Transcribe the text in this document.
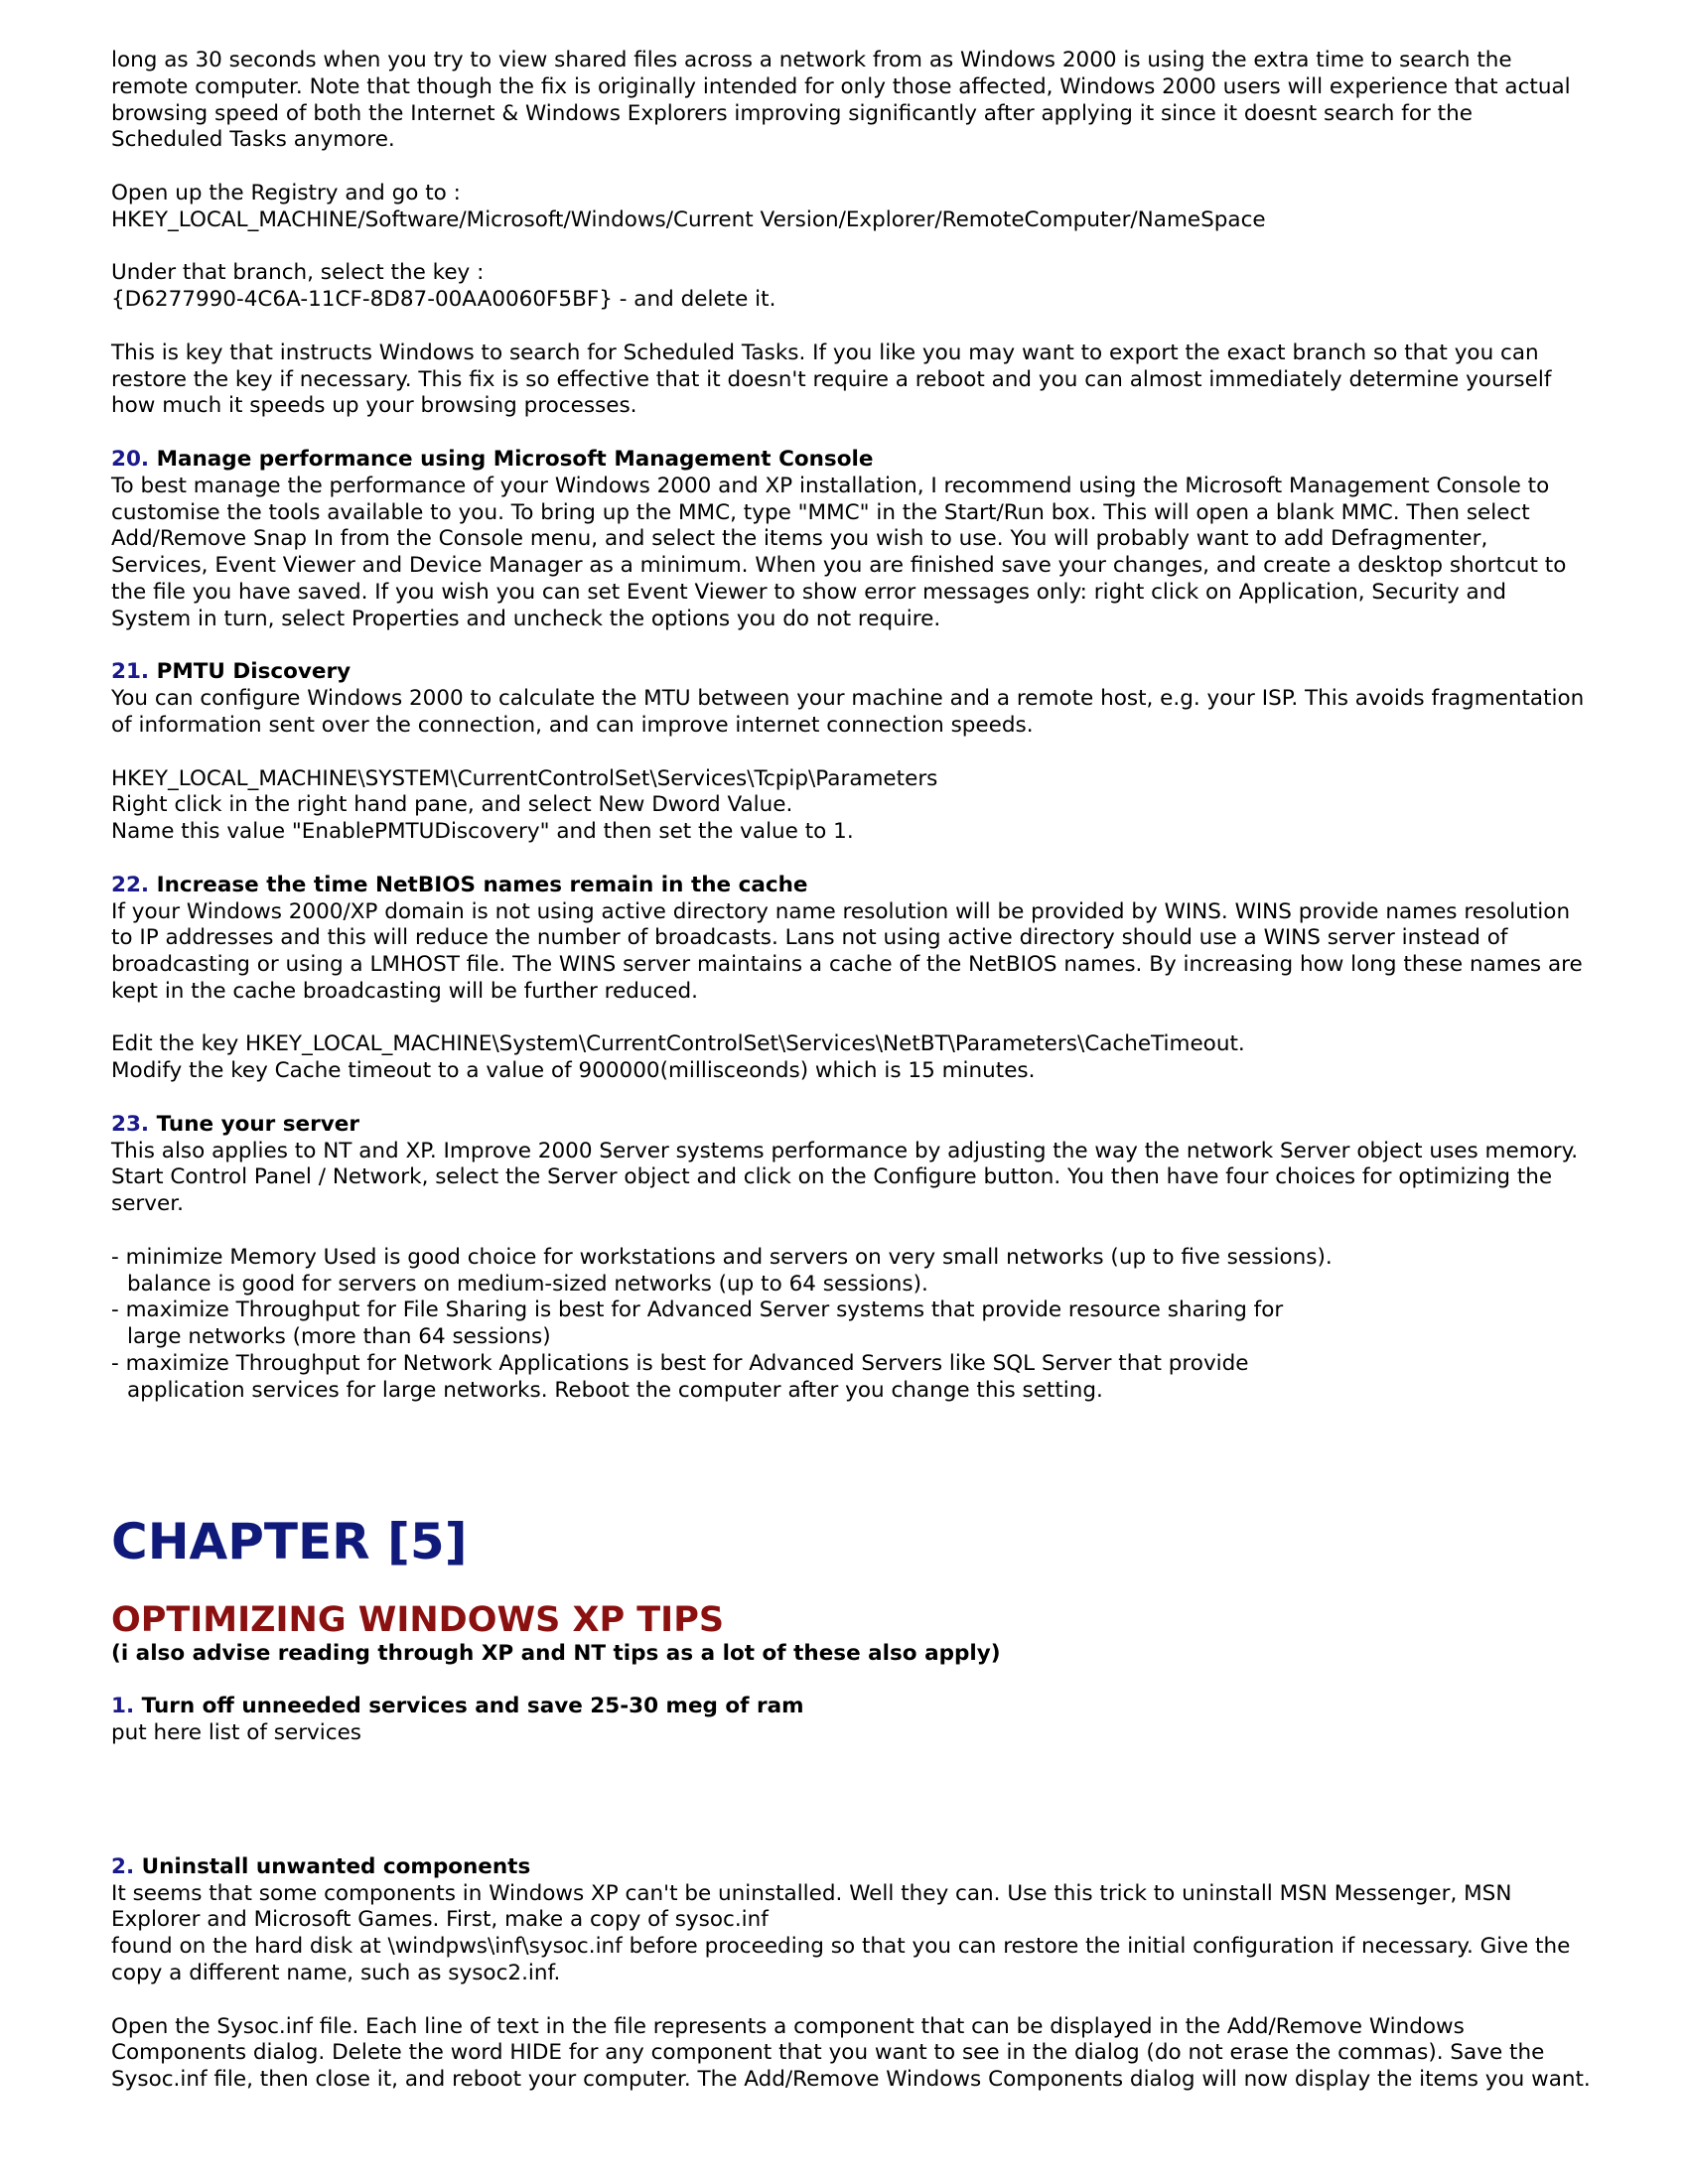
long as 30 seconds when you try to view shared files across a network from as Windows 2000 is using the extra time to search the remote computer. Note that though the fix is originally intended for only those affected, Windows 2000 users will experience that actual browsing speed of both the Internet & Windows Explorers improving significantly after applying it since it doesnt search for the Scheduled Tasks anymore.

Open up the Registry and go to :

HKEY_LOCAL_MACHINE/Software/Microsoft/Windows/Current Version/Explorer/RemoteComputer/NameSpace

Under that branch, select the key :

{D6277990-4C6A-11CF-8D87-00AA0060F5BF} - and delete it.

This is key that instructs Windows to search for Scheduled Tasks. If you like you may want to export the exact branch so that you can restore the key if necessary. This fix is so effective that it doesn't require a reboot and you can almost immediately determine yourself how much it speeds up your browsing processes.

20. Manage performance using Microsoft Management Console

To best manage the performance of your Windows 2000 and XP installation, I recommend using the Microsoft Management Console to customise the tools available to you. To bring up the MMC, type "MMC" in the Start/Run box. This will open a blank MMC. Then select Add/Remove Snap In from the Console menu, and select the items you wish to use. You will probably want to add Defragmenter, Services, Event Viewer and Device Manager as a minimum. When you are finished save your changes, and create a desktop shortcut to the file you have saved. If you wish you can set Event Viewer to show error messages only: right click on Application, Security and System in turn, select Properties and uncheck the options you do not require.

21. PMTU Discovery

You can configure Windows 2000 to calculate the MTU between your machine and a remote host, e.g. your ISP. This avoids fragmentation of information sent over the connection, and can improve internet connection speeds.

HKEY_LOCAL_MACHINE\SYSTEM\CurrentControlSet\Services\Tcpip\Parameters

Right click in the right hand pane, and select New Dword Value.

Name this value "EnablePMTUDiscovery" and then set the value to 1.

22. Increase the time NetBIOS names remain in the cache

If your Windows 2000/XP domain is not using active directory name resolution will be provided by WINS. WINS provide names resolution to IP addresses and this will reduce the number of broadcasts. Lans not using active directory should use a WINS server instead of broadcasting or using a LMHOST file. The WINS server maintains a cache of the NetBIOS names. By increasing how long these names are kept in the cache broadcasting will be further reduced.

Edit the key HKEY_LOCAL_MACHINE\System\CurrentControlSet\Services\NetBT\Parameters\CacheTimeout.

Modify the key Cache timeout to a value of 900000(millisceonds) which is 15 minutes.

23. Tune your server

This also applies to NT and XP. Improve 2000 Server systems performance by adjusting the way the network Server object uses memory. Start Control Panel / Network, select the Server object and click on the Configure button. You then have four choices for optimizing the server.

- minimize Memory Used is good choice for workstations and servers on very small networks (up to five sessions).

balance is good for servers on medium-sized networks (up to 64 sessions).

- maximize Throughput for File Sharing is best for Advanced Server systems that provide resource sharing for

large networks (more than 64 sessions)

- maximize Throughput for Network Applications is best for Advanced Servers like SQL Server that provide

application services for large networks. Reboot the computer after you change this setting.

CHAPTER [5]

OPTIMIZING WINDOWS XP TIPS

(i also advise reading through XP and NT tips as a lot of these also apply)

1. Turn off unneeded services and save 25-30 meg of ram

put here list of services

2. Uninstall unwanted components

It seems that some components in Windows XP can't be uninstalled. Well they can. Use this trick to uninstall MSN Messenger, MSN Explorer and Microsoft Games. First, make a copy of sysoc.inf

found on the hard disk at \windpws\inf\sysoc.inf before proceeding so that you can restore the initial configuration if necessary. Give the copy a different name, such as sysoc2.inf.

Open the Sysoc.inf file. Each line of text in the file represents a component that can be displayed in the Add/Remove Windows Components dialog. Delete the word HIDE for any component that you want to see in the dialog (do not erase the commas). Save the Sysoc.inf file, then close it, and reboot your computer. The Add/Remove Windows Components dialog will now display the items you want.
